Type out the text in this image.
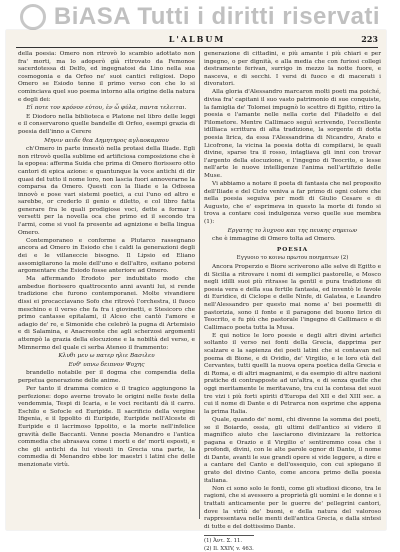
BiASA Tutti i diritti riservati
L'ALBUM	223

della poesia: Omero non ritrovò lo scambio adottato non fra' morti, ma lo adoperò già ritrovato da Femonoe sacerdotessa di Delfo, ed ingegnatosi da Lino nella sua cosmogonia e da Orfeo ne' suoi cantici religiosi. Dopo Omero se Esiodo tenne il primo verso con che lo si cominciava quel suo poema intorno alla origine della natura e degli dei:

Εἰ ποτε τον κρόνον εύτου, ἐν ὦ φύλα, παντα τελειται.

E Diodoro nella biblioteca e Platone nel libro delle leggi e il conservarono quelle bandelle di Orfeo, esempi grazia di poesia dell'inno a Cerere

Μηνιν αειδε θεα Δημητηρος αγλαοκαρπου

ch'Omero in parte innestò nella protasi della Iliade. Egli non ritrovò quella sublime ed artificiosa composizione che è la epopea: afferma Suida che prima di Omero fiorissero otto cantori di epica azione: e quantunque la voce antichi di dir quasi del tutto il nome loro, non lascia fuori annoverarne la comparsa da Omero. Questi con la Iliade e la Odissea innovò e pose vari sistemi poetici, a cui l'uno ed altro e sarebbe, or crederlo il genio e diletto, e col libro fatta generare fra le quali prodigiose voci, dette a formar i versetti per la novella oca che primo ed il secondo tra l'armi, come si vuol fa presente ad agnizione e bella lingua Omero.

Contemporaneo e conforme a Plutarco rassegnano ancora ad Omero in Esiodo che i caldi la generazioni degli dei e le villaneccie bisogno. Il Lipsio ed Eliano assomigliarono la mole dell'uno e dell'altro, esitano potersi argomentare che Esiodo fosse anteriore ad Omero.

Ma affermando Erodoto per indubitato modo che ambedue fiorissero quattrocento anni avanti lui, si rende tradizione che furono contemporanei. Molte vivandiere dissi ei procacciavano Sofo che ritrovò l'orchestra, il fuoco meschino e il verso che fa fra i giovinetti, e Stesicoro che primo cantasse epitalami, il Alceo che cantò l'amore e adagio de' re, e Simonide che celebrò la pugna di Artemisio e di Salamina, e Anacreonte che agli scherzosi argomenti attempò la grazia della elocuzione e la nobiltà del verso, e Mimnermo del quale ci serba Ateneo il frammento:

Κλυθι μευ ω πατερ ηλιε Βασιλευ

Ενθ' υπνω δειπνον Ψυχης

brandello notabile per il dogma che compendia della perpetua generazione delle anime.

Per tanto il dramma comico e il tragico aggiungono la perfezione: dopo averne trovato le origini nelle feste della vendemmia, Tespi di Icaria, e le voci recitanti dà il carro. Eschilo e Sofocle ed Euripide. Il sacrificio della vergine Ifigenia, e il Ippolito di Euripide, Euripide nell'Alceste di Euripide e il lacrimoso Ippolito, e la morte nell'infelice gravità delle Baccanti. Venne poscia Menandro e l'antica commedia che abrasava come i morti e de' morti esposti, e che gli antichi da lui vissuti in Grecia una parte, la commedia di Menandro ebbe lor maestri i latini che delle menzionate virtù.

generazione di cittadini, e più amante i più chiari e per ingegno, o per dignità, e alla media che con furiosi collegi destramente ferivan, surrigo in mezzo la notte fuore, e nasceva, e di secchi. I versi di fuoco e di macerati i divoratori.

Alla gloria d'Alessandro marcaron molti poeti ma poiché, divisa fra' capitani il suo vasto patrimonio di sue conquiste, la famiglia de' Tolomei impugnò lo scettro di Egitto, ritiro la poesia e l'amante nelle nella corte del Filadelfo e del Filometore. Mentre Callimaco seguì scrivendo, l'eccellente idilliaca scrittura di alta tradizione, la sorgente di dotta poesia lirica, da essa l'Alessandrina di Nicandro, Arato e Licofrone, la vicina la poesia dotta di compilarsi, le quali divine, sparse tra il rosso, intagliava gli inni con trovar l'argento della elocuzione, e l'ingegno di Teocrito, e lesse nell'arte le nuove intelligenze l'anima nell'artifizio delle Muse.

Vi abbiamo a notare il poeta di fantasia che nel proposito dell'Iliade e del Ciclo veniva a far primo di ogni colore che nella poesia seguiva per modi di Giulio Cesare e di Augusto, che e' esprimeva in questo la morte di fondo si trova a contare così indulgenza verso quelle sue membra (1):

Εργατης το λυχνου και της πευκης σημειων

che è immagine di Omero tolta ad Omero.

POESIA

Εγγυοιο το κοινω πρωτου ποιηματων (2)

Ancora Properzio e Biore scriverono alle selve di Egitto e di Sicilia a ritrovare i nomi di semplici pastorelle, e Mosco negli idilli suoi più ritrasse la gentil e pura tradizione di poesia vera e della sua fertile fantasia, ed inventò le favole di Euridice, di Ciclope e delle Ninfe, di Galatea, e Leandro nell'Alessandro per questo mai nome a' bei poemetti di pastorizia, sono il fonte e il paragone del buono lirico di Teocrito, e fu più che pastorale l'ingegno di Callimaco e di Callimaco poeta tutta la Musa.

E qui notice le loro poesie e degli altri divini artefici soltanto il verso nei fonti della Grecia, dapprima per scalzare e la sapienza dei poeti latini che si contavan nel poema di Bione, e di Ovidio, de' Virgilio, e le loro età del Cervantes, tutti quelli la nuova opera poetica della Grecia e di Roma, e di altri magnanimi, e da esempio di altre nazioni pratiche di contrapposte ad un'altra, e di senza quelle che oggi meritamente le meritavano, tra cui la contesa dei suoi tre vizi i più forti spiriti d'Europa del XII e del XIII sec. a cui il nome di Dante e di Petrarca non esprime che appena la prima Italia.

Quale, quando de' nomi, chi divenne la somma dei poeti, se il Boiardo, ossia, gli ultimi dell'antico si videro il magnifico aiuto che lasciarono divinizzare la rettorica pagana e Orazio e il Virgilio e' sentiremmo cosa che i profondi, divini, con le alte parole ognor di Dante, il nome di Dante, avanti le sue grandi opere si vide leggere, a dire e a cantare del Canto e dell'ossequio, con cui spiegano il grato del divino Canto, come ancora primo della poesia italiana.

Non ci sono solo le fonti, come gli studiosi dicono, tra le ragioni, che si avessero a proprietà gli uomini e le donne e i trattati anticamente per le guerre de' pellegrini cantori, dove la virtù de' buoni, e della natura del valoroso rappresentava nelle menti dell'antica Grecia, e dalla sintesi di tutte e del dottissimo Dante.

(1) Ἀντ. Σ. 11.

(2) Il. XXIV, v. 463.
